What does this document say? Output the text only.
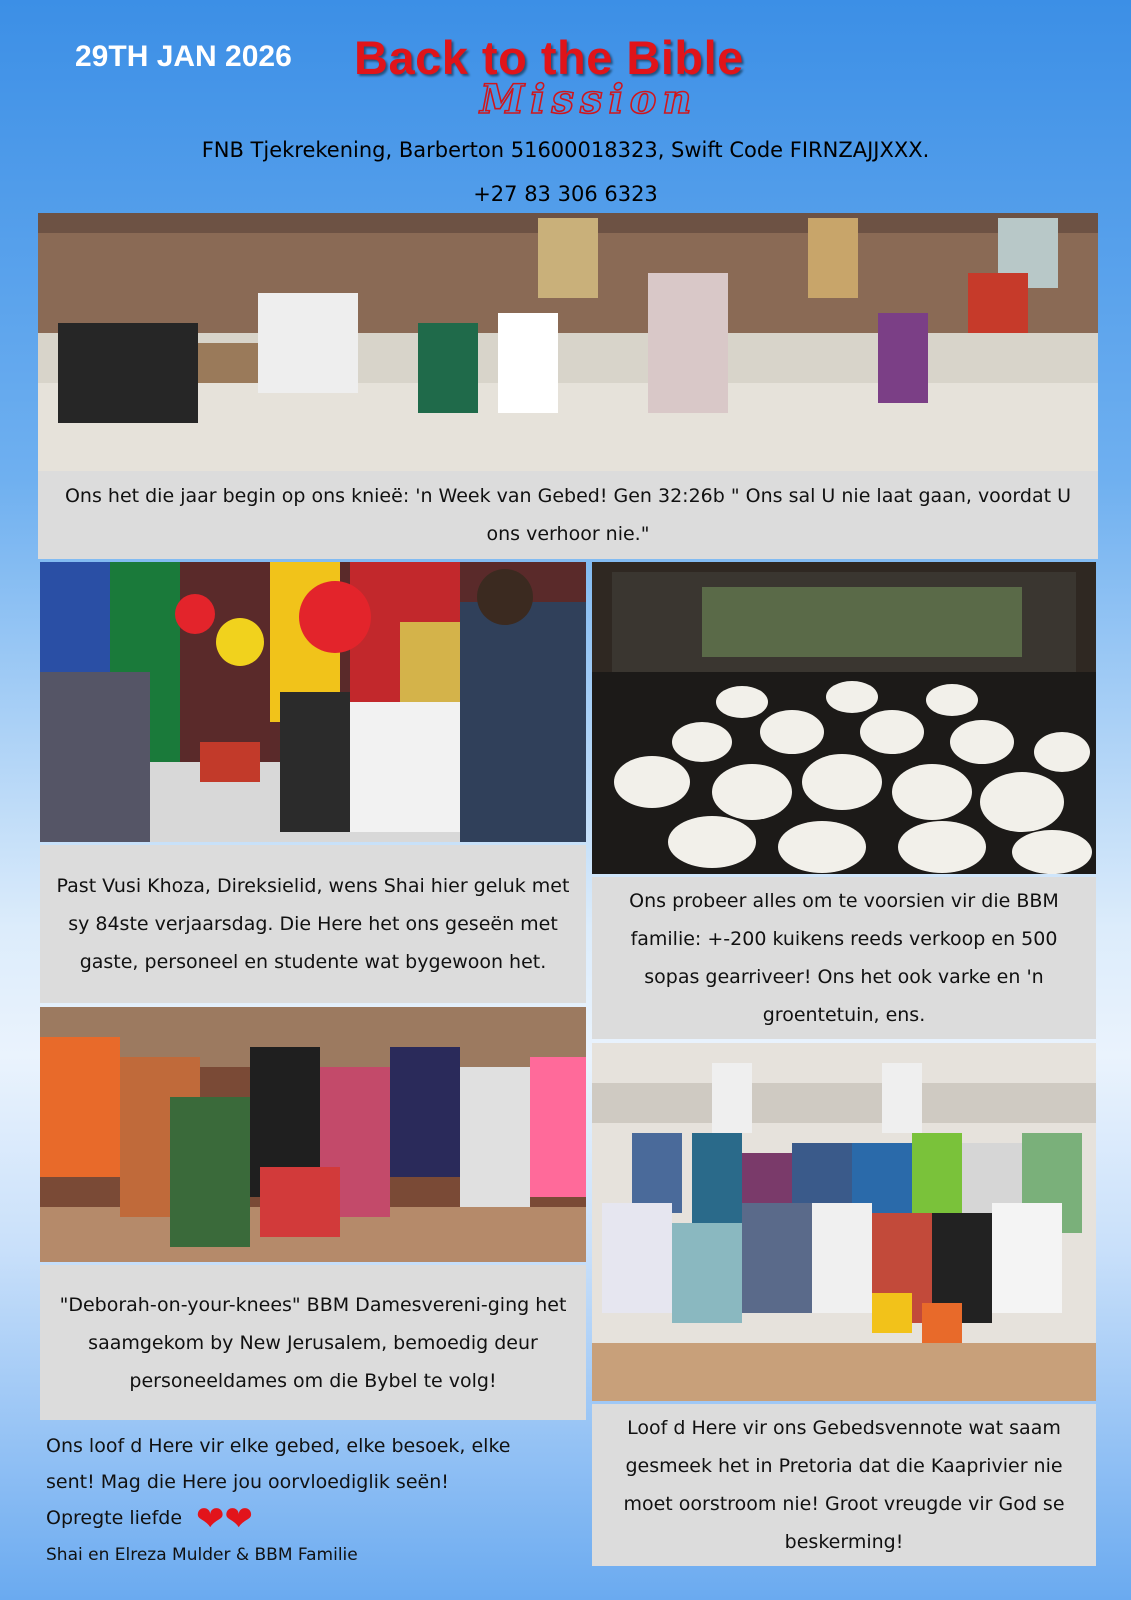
29TH JAN 2026 Back to the Bible
Mission
FNB Tjekrekening, Barberton 51600018323, Swift Code FIRNZAJJXXX.
+27 83 306 6323
Ons het die jaar begin op ons knieë: 'n Week van Gebed! Gen 32:26b " Ons sal U nie laat gaan, voordat U ons verhoor nie."
Past Vusi Khoza, Direksielid, wens Shai hier geluk met sy 84ste verjaarsdag. Die Here het ons geseën met gaste, personeel en studente wat bygewoon het.
Ons probeer alles om te voorsien vir die BBM familie: +-200 kuikens reeds verkoop en 500 sopas gearriveer! Ons het ook varke en 'n groentetuin, ens.
"Deborah-on-your-knees" BBM Damesvereni-ging het saamgekom by New Jerusalem, bemoedig deur personeeldames om die Bybel te volg!
Loof d Here vir ons Gebedsvennote wat saam gesmeek het in Pretoria dat die Kaaprivier nie moet oorstroom nie! Groot vreugde vir God se beskerming!
Ons loof d Here vir elke gebed, elke besoek, elke
sent! Mag die Here jou oorvloediglik seën!
Opregte liefde ❤❤
Shai en Elreza Mulder & BBM Familie
